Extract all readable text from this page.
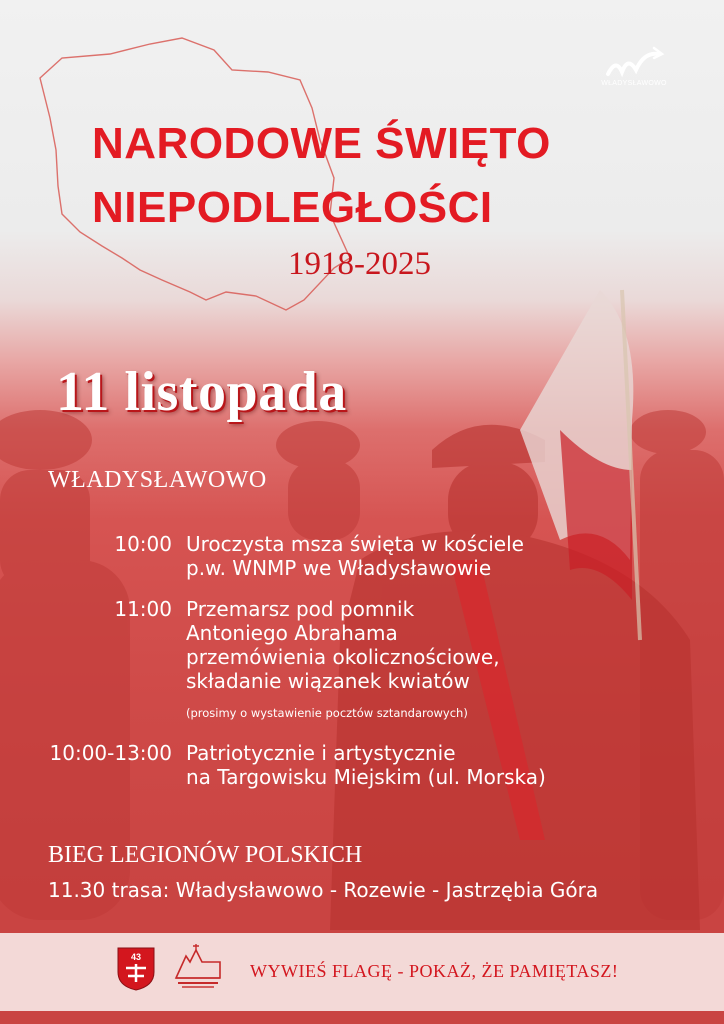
WŁADYSŁAWOWO
NARODOWE ŚWIĘTO
NIEPODLEGŁOŚCI
1918-2025
11 listopada
WŁADYSŁAWOWO
10:00 Uroczysta msza święta w kościele
p.w. WNMP we Władysławowie
11:00 Przemarsz pod pomnik
Antoniego Abrahama
przemówienia okolicznościowe,
składanie wiązanek kwiatów
(prosimy o wystawienie pocztów sztandarowych)
10:00-13:00 Patriotycznie i artystycznie
na Targowisku Miejskim (ul. Morska)
BIEG LEGIONÓW POLSKICH
11.30 trasa: Władysławowo - Rozewie - Jastrzębia Góra
43
WYWIEŚ FLAGĘ - POKAŻ, ŻE PAMIĘTASZ!
